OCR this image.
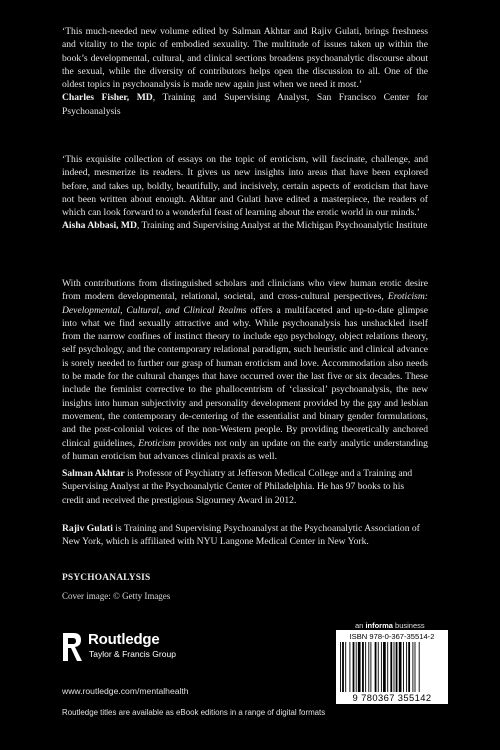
‘This much-needed new volume edited by Salman Akhtar and Rajiv Gulati, brings freshness and vitality to the topic of embodied sexuality. The multitude of issues taken up within the book’s developmental, cultural, and clinical sections broadens psychoanalytic discourse about the sexual, while the diversity of contributors helps open the discussion to all. One of the oldest topics in psychoanalysis is made new again just when we need it most.’

Charles Fisher, MD, Training and Supervising Analyst, San Francisco Center for Psychoanalysis

‘This exquisite collection of essays on the topic of eroticism, will fascinate, challenge, and indeed, mesmerize its readers. It gives us new insights into areas that have been explored before, and takes up, boldly, beautifully, and incisively, certain aspects of eroticism that have not been written about enough. Akhtar and Gulati have edited a masterpiece, the readers of which can look forward to a wonderful feast of learning about the erotic world in our minds.’

Aisha Abbasi, MD, Training and Supervising Analyst at the Michigan Psychoanalytic Institute

With contributions from distinguished scholars and clinicians who view human erotic desire from modern developmental, relational, societal, and cross-cultural perspectives, Eroticism: Developmental, Cultural, and Clinical Realms offers a multifaceted and up-to-date glimpse into what we find sexually attractive and why. While psychoanalysis has unshackled itself from the narrow confines of instinct theory to include ego psychology, object relations theory, self psychology, and the contemporary relational paradigm, such heuristic and clinical advance is sorely needed to further our grasp of human eroticism and love. Accommodation also needs to be made for the cultural changes that have occurred over the last five or six decades. These include the feminist corrective to the phallocentrism of ‘classical’ psychoanalysis, the new insights into human subjectivity and personality development provided by the gay and lesbian movement, the contemporary de-centering of the essentialist and binary gender formulations, and the post-colonial voices of the non-Western people. By providing theoretically anchored clinical guidelines, Eroticism provides not only an update on the early analytic understanding of human eroticism but advances clinical praxis as well.

Salman Akhtar is Professor of Psychiatry at Jefferson Medical College and a Training and Supervising Analyst at the Psychoanalytic Center of Philadelphia. He has 97 books to his credit and received the prestigious Sigourney Award in 2012.

Rajiv Gulati is Training and Supervising Psychoanalyst at the Psychoanalytic Association of New York, which is affiliated with NYU Langone Medical Center in New York.

PSYCHOANALYSIS
Cover image: © Getty Images
Routledge
Taylor & Francis Group
www.routledge.com/mentalhealth
Routledge titles are available as eBook editions in a range of digital formats
an informa business
ISBN 978-0-367-35514-2
9 780367 355142
